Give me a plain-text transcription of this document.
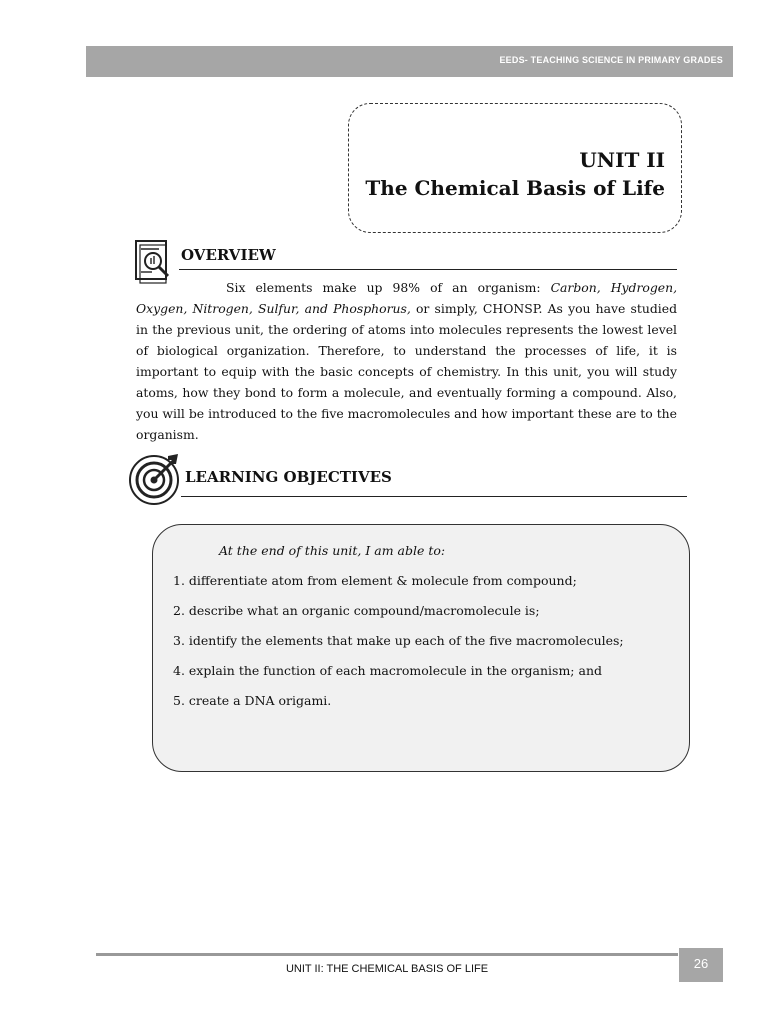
EEDS- TEACHING SCIENCE IN PRIMARY GRADES
UNIT II
The Chemical Basis of Life
OVERVIEW
Six elements make up 98% of an organism: Carbon, Hydrogen, Oxygen, Nitrogen, Sulfur, and Phosphorus, or simply, CHONSP. As you have studied in the previous unit, the ordering of atoms into molecules represents the lowest level of biological organization. Therefore, to understand the processes of life, it is important to equip with the basic concepts of chemistry. In this unit, you will study atoms, how they bond to form a molecule, and eventually forming a compound. Also, you will be introduced to the five macromolecules and how important these are to the organism.
LEARNING OBJECTIVES
At the end of this unit, I am able to:
1. differentiate atom from element & molecule from compound;
2. describe what an organic compound/macromolecule is;
3. identify the elements that make up each of the five macromolecules;
4. explain the function of each macromolecule in the organism; and
5. create a DNA origami.
UNIT II: THE CHEMICAL BASIS OF LIFE	26
